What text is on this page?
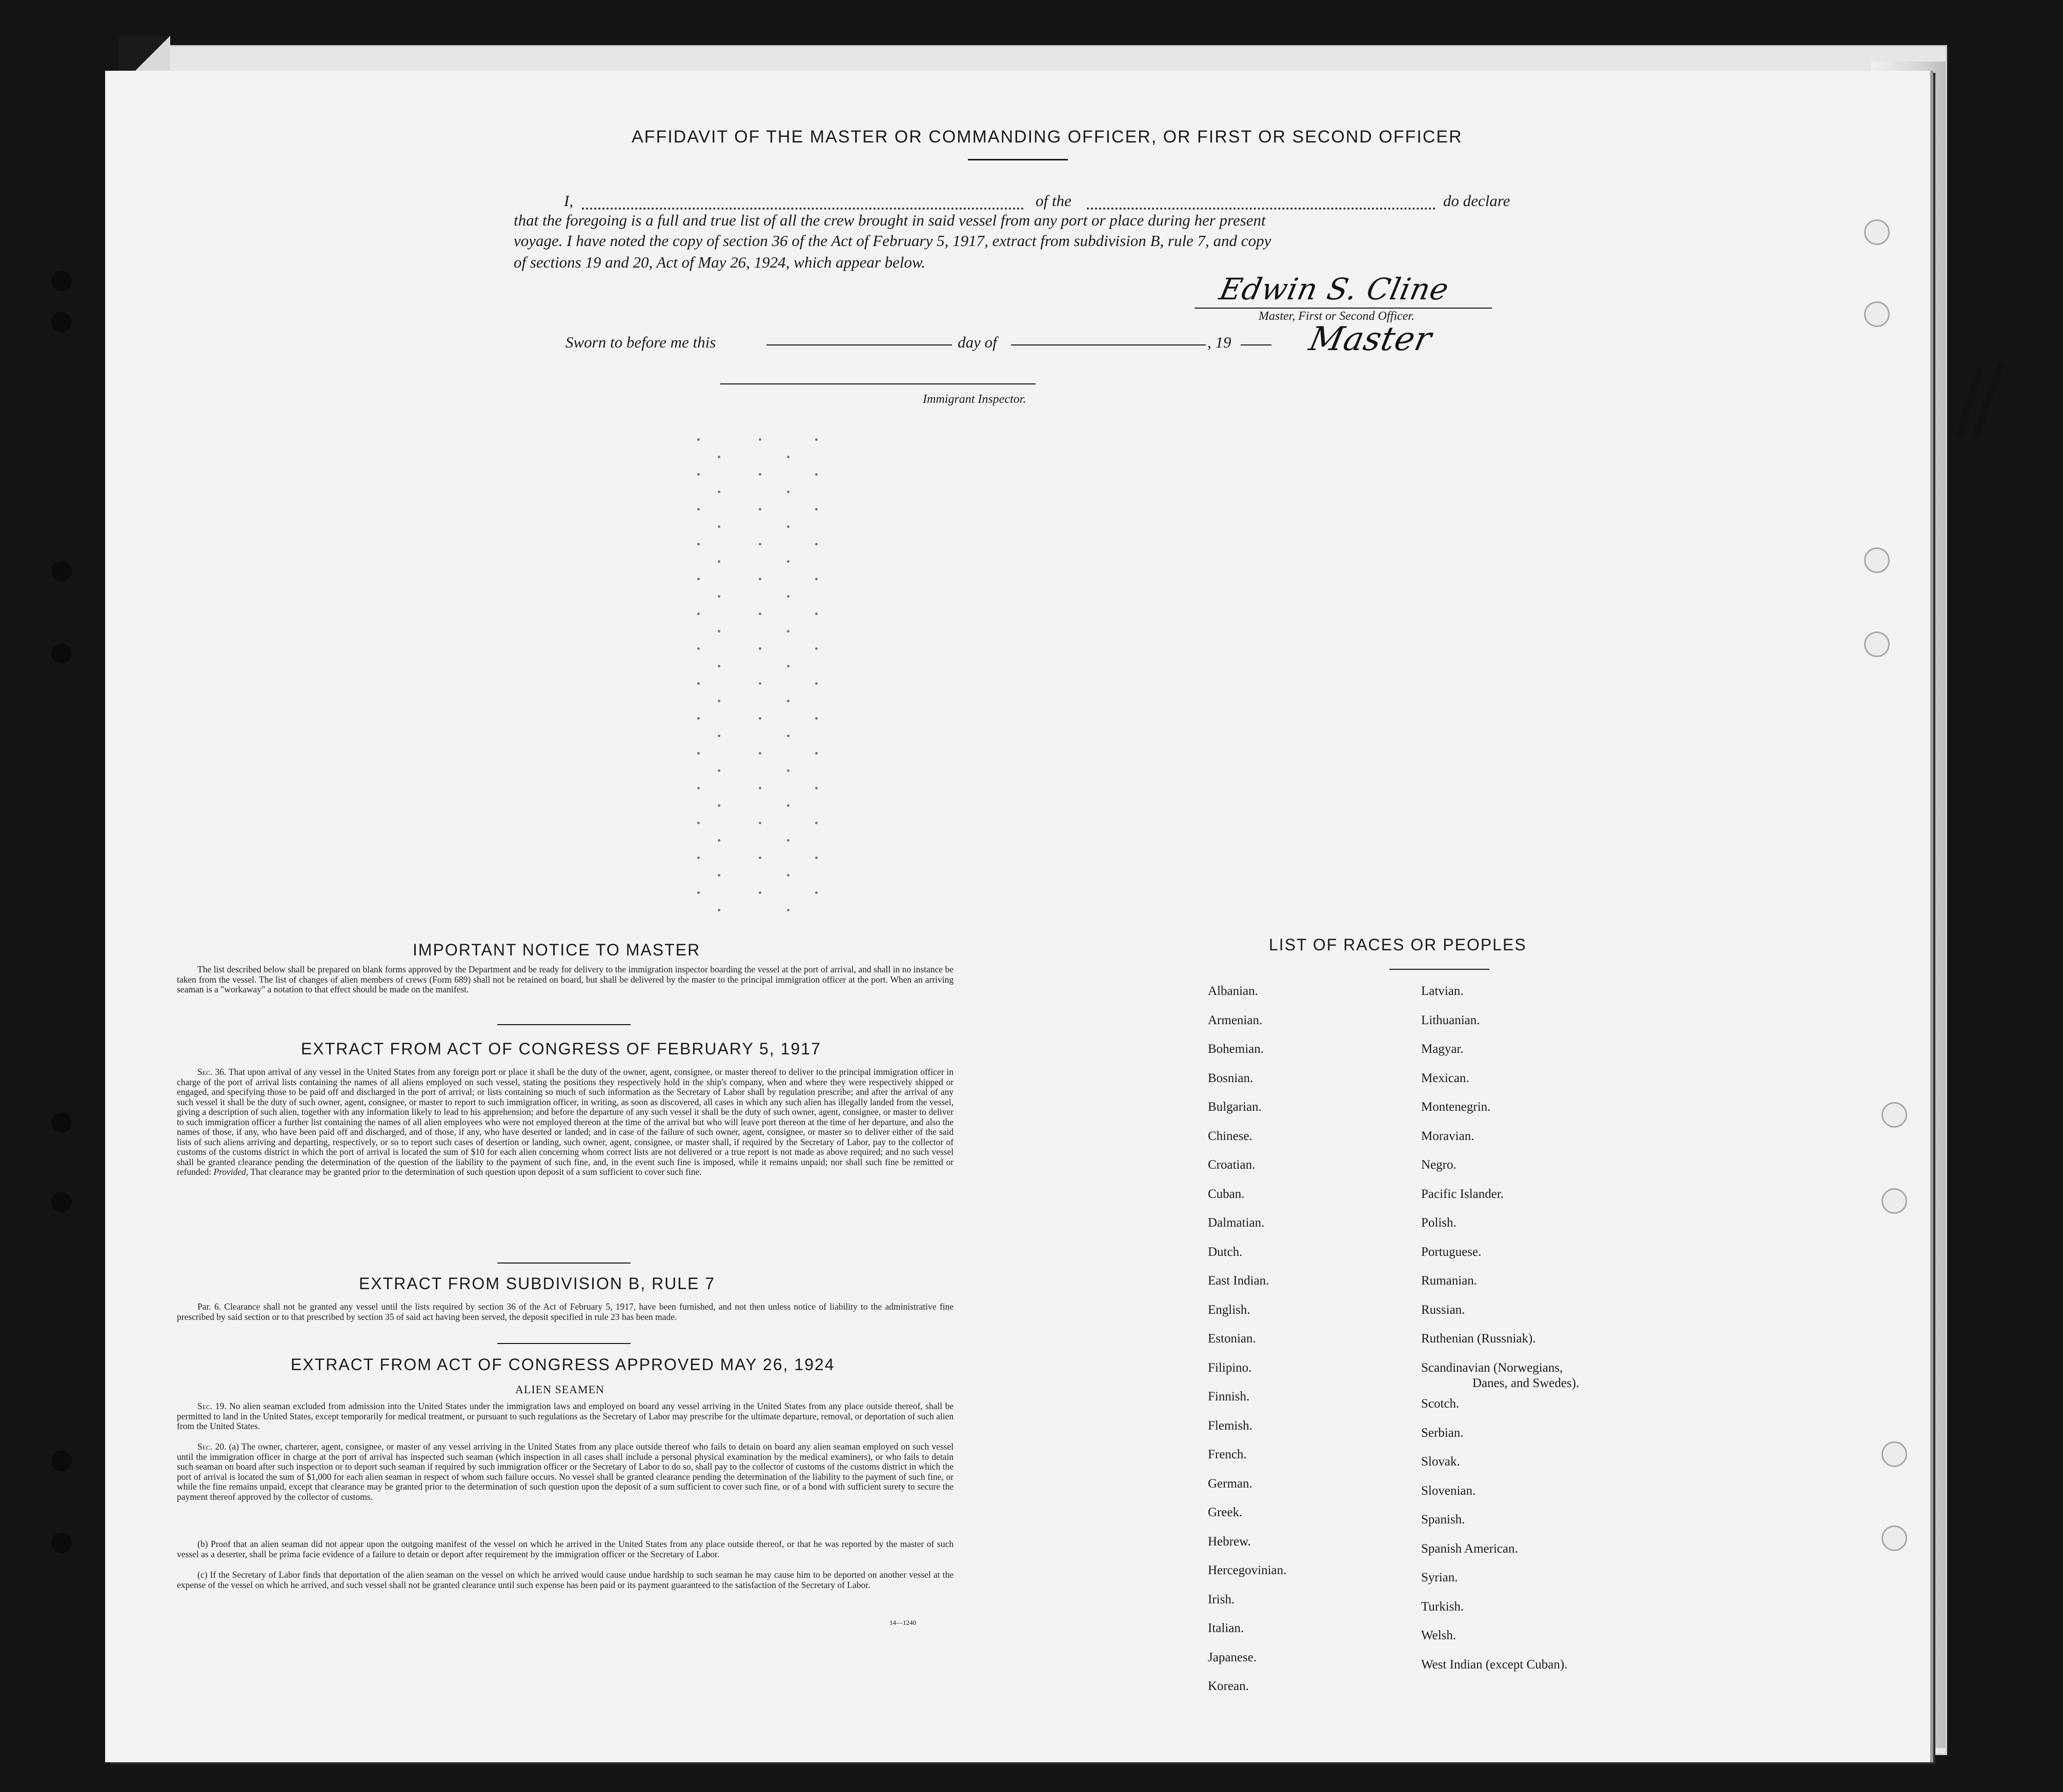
AFFIDAVIT OF THE MASTER OR COMMANDING OFFICER, OR FIRST OR SECOND OFFICER
I,	of the	do declare
that the foregoing is a full and true list of all the crew brought in said vessel from any port or place during her present
voyage. I have noted the copy of section 36 of the Act of February 5, 1917, extract from subdivision B, rule 7, and copy
of sections 19 and 20, Act of May 26, 1924, which appear below.
Edwin S. Cline
Master, First or Second Officer.
Sworn to before me this	day of	, 19 Master
Immigrant Inspector.
IMPORTANT NOTICE TO MASTER
The list described below shall be prepared on blank forms approved by the Department and be ready for delivery to the immigration inspector boarding the vessel at the port of arrival, and shall in no instance be taken from the vessel. The list of changes of alien members of crews (Form 689) shall not be retained on board, but shall be delivered by the master to the principal immigration officer at the port. When an arriving seaman is a "workaway" a notation to that effect should be made on the manifest.
EXTRACT FROM ACT OF CONGRESS OF FEBRUARY 5, 1917
Sec. 36. That upon arrival of any vessel in the United States from any foreign port or place it shall be the duty of the owner, agent, consignee, or master thereof to deliver to the principal immigration officer in charge of the port of arrival lists containing the names of all aliens employed on such vessel, stating the positions they respectively hold in the ship's company, when and where they were respectively shipped or engaged, and specifying those to be paid off and discharged in the port of arrival; or lists containing so much of such information as the Secretary of Labor shall by regulation prescribe; and after the arrival of any such vessel it shall be the duty of such owner, agent, consignee, or master to report to such immigration officer, in writing, as soon as discovered, all cases in which any such alien has illegally landed from the vessel, giving a description of such alien, together with any information likely to lead to his apprehension; and before the departure of any such vessel it shall be the duty of such owner, agent, consignee, or master to deliver to such immigration officer a further list containing the names of all alien employees who were not employed thereon at the time of the arrival but who will leave port thereon at the time of her departure, and also the names of those, if any, who have been paid off and discharged, and of those, if any, who have deserted or landed; and in case of the failure of such owner, agent, consignee, or master so to deliver either of the said lists of such aliens arriving and departing, respectively, or so to report such cases of desertion or landing, such owner, agent, consignee, or master shall, if required by the Secretary of Labor, pay to the collector of customs of the customs district in which the port of arrival is located the sum of $10 for each alien concerning whom correct lists are not delivered or a true report is not made as above required; and no such vessel shall be granted clearance pending the determination of the question of the liability to the payment of such fine, and, in the event such fine is imposed, while it remains unpaid; nor shall such fine be remitted or refunded: Provided, That clearance may be granted prior to the determination of such question upon deposit of a sum sufficient to cover such fine.
EXTRACT FROM SUBDIVISION B, RULE 7
Par. 6. Clearance shall not be granted any vessel until the lists required by section 36 of the Act of February 5, 1917, have been furnished, and not then unless notice of liability to the administrative fine prescribed by said section or to that prescribed by section 35 of said act having been served, the deposit specified in rule 23 has been made.
EXTRACT FROM ACT OF CONGRESS APPROVED MAY 26, 1924
ALIEN SEAMEN
Sec. 19. No alien seaman excluded from admission into the United States under the immigration laws and employed on board any vessel arriving in the United States from any place outside thereof, shall be permitted to land in the United States, except temporarily for medical treatment, or pursuant to such regulations as the Secretary of Labor may prescribe for the ultimate departure, removal, or deportation of such alien from the United States.
Sec. 20. (a) The owner, charterer, agent, consignee, or master of any vessel arriving in the United States from any place outside thereof who fails to detain on board any alien seaman employed on such vessel until the immigration officer in charge at the port of arrival has inspected such seaman (which inspection in all cases shall include a personal physical examination by the medical examiners), or who fails to detain such seaman on board after such inspection or to deport such seaman if required by such immigration officer or the Secretary of Labor to do so, shall pay to the collector of customs of the customs district in which the port of arrival is located the sum of $1,000 for each alien seaman in respect of whom such failure occurs. No vessel shall be granted clearance pending the determination of the liability to the payment of such fine, or while the fine remains unpaid, except that clearance may be granted prior to the determination of such question upon the deposit of a sum sufficient to cover such fine, or of a bond with sufficient surety to secure the payment thereof approved by the collector of customs.
(b) Proof that an alien seaman did not appear upon the outgoing manifest of the vessel on which he arrived in the United States from any place outside thereof, or that he was reported by the master of such vessel as a deserter, shall be prima facie evidence of a failure to detain or deport after requirement by the immigration officer or the Secretary of Labor.
(c) If the Secretary of Labor finds that deportation of the alien seaman on the vessel on which he arrived would cause undue hardship to such seaman he may cause him to be deported on another vessel at the expense of the vessel on which he arrived, and such vessel shall not be granted clearance until such expense has been paid or its payment guaranteed to the satisfaction of the Secretary of Labor.
14—1240
LIST OF RACES OR PEOPLES
Albanian.
Armenian.
Bohemian.
Bosnian.
Bulgarian.
Chinese.
Croatian.
Cuban.
Dalmatian.
Dutch.
East Indian.
English.
Estonian.
Filipino.
Finnish.
Flemish.
French.
German.
Greek.
Hebrew.
Hercegovinian.
Irish.
Italian.
Japanese.
Korean.
Latvian.
Lithuanian.
Magyar.
Mexican.
Montenegrin.
Moravian.
Negro.
Pacific Islander.
Polish.
Portuguese.
Rumanian.
Russian.
Ruthenian (Russniak).
Scandinavian (Norwegians,
Danes, and Swedes).
Scotch.
Serbian.
Slovak.
Slovenian.
Spanish.
Spanish American.
Syrian.
Turkish.
Welsh.
West Indian (except Cuban).
